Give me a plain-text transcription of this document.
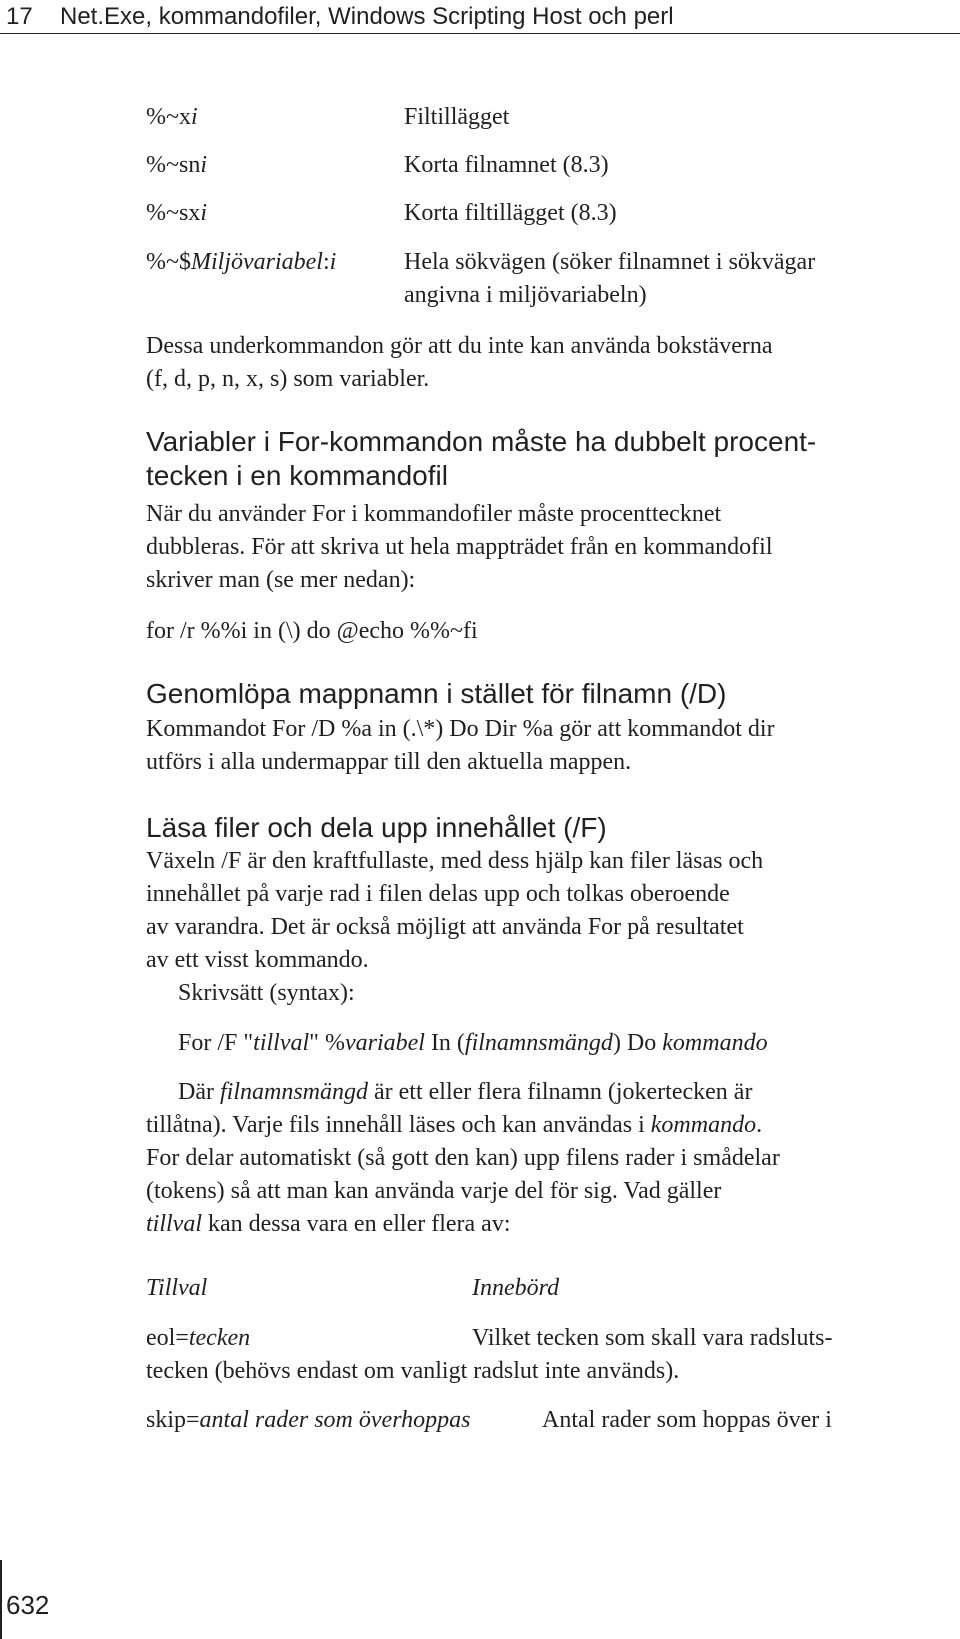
17 Net.Exe, kommandofiler, Windows Scripting Host och perl
%~xi	Filtillägget
%~sni	Korta filnamnet (8.3)
%~sxi	Korta filtillägget (8.3)
%~$Miljövariabel:i	Hela sökvägen (söker filnamnet i sökvägar
angivna i miljövariabeln)
Dessa underkommandon gör att du inte kan använda bokstäverna
(f, d, p, n, x, s) som variabler.
Variabler i For-kommandon måste ha dubbelt procent-
tecken i en kommandofil
När du använder For i kommandofiler måste procenttecknet
dubbleras. För att skriva ut hela mappträdet från en kommandofil
skriver man (se mer nedan):
for /r %%i in (\) do @echo %%~fi
Genomlöpa mappnamn i stället för filnamn (/D)
Kommandot For /D %a in (.\*) Do Dir %a gör att kommandot dir
utförs i alla undermappar till den aktuella mappen.
Läsa filer och dela upp innehållet (/F)
Växeln /F är den kraftfullaste, med dess hjälp kan filer läsas och
innehållet på varje rad i filen delas upp och tolkas oberoende
av varandra. Det är också möjligt att använda For på resultatet
av ett visst kommando.
Skrivsätt (syntax):
For /F "tillval" %variabel In (filnamnsmängd) Do kommando
Där filnamnsmängd är ett eller flera filnamn (jokertecken är
tillåtna). Varje fils innehåll läses och kan användas i kommando.
For delar automatiskt (så gott den kan) upp filens rader i smådelar
(tokens) så att man kan använda varje del för sig. Vad gäller
tillval kan dessa vara en eller flera av:
Tillval	Innebörd
eol=tecken	Vilket tecken som skall vara radsluts-
tecken (behövs endast om vanligt radslut inte används).
skip=antal rader som överhoppas	Antal rader som hoppas över i
632
